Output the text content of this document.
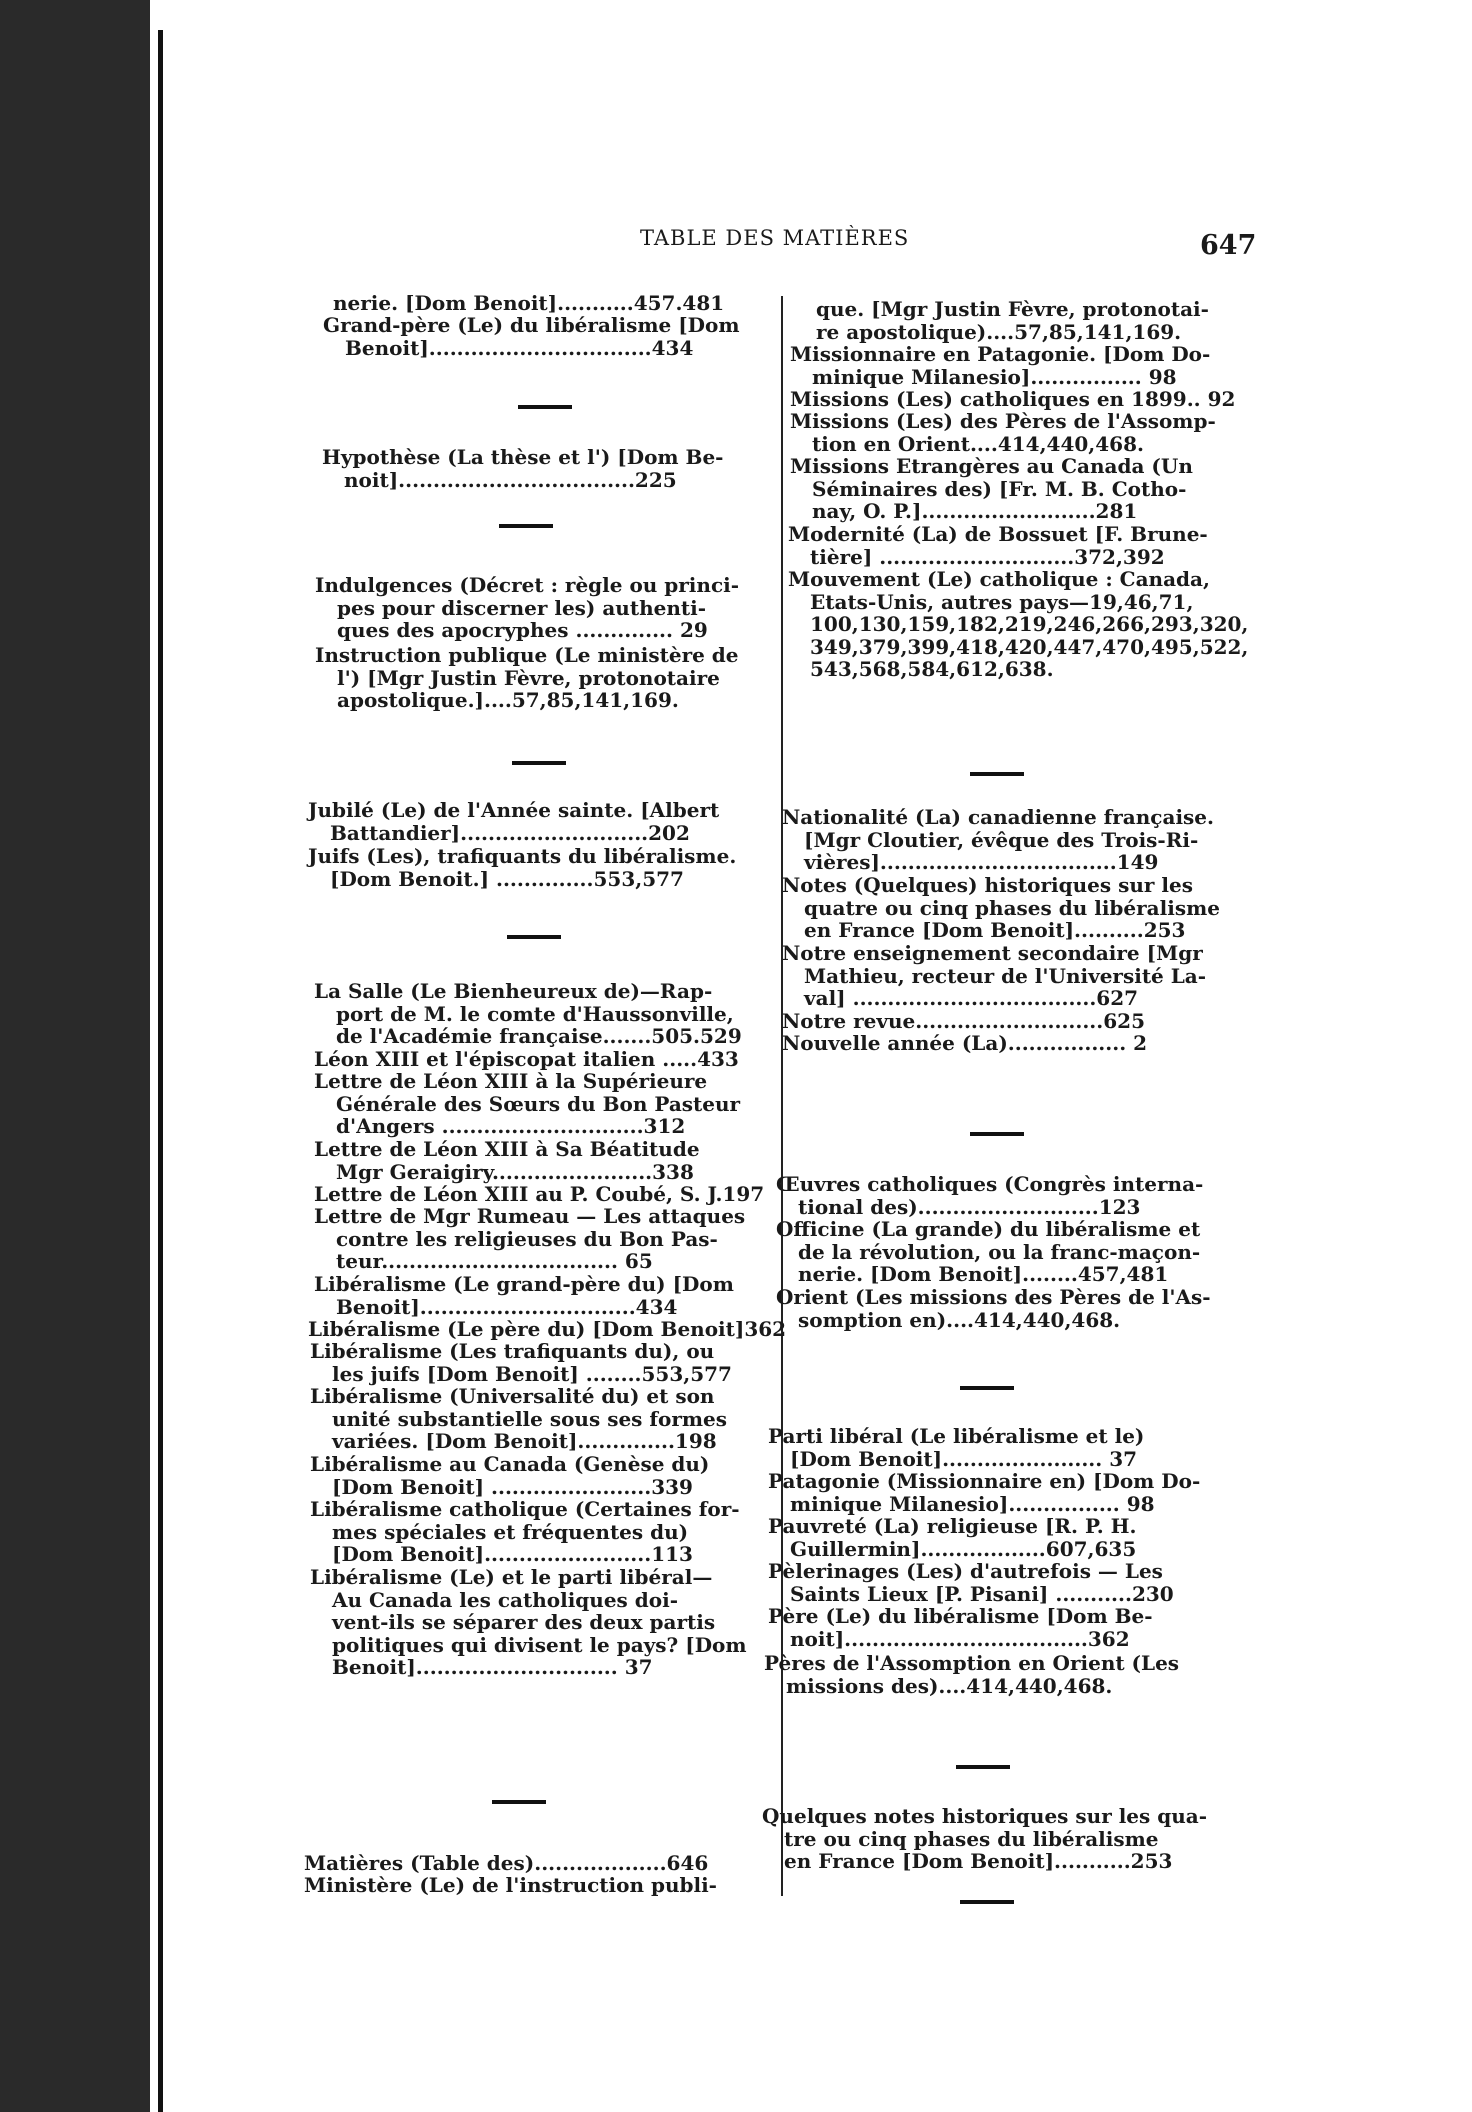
TABLE DES MATIÈRES	647

nerie. [Dom Benoit]...........457.481

Grand-père (Le) du libéralisme [Dom

Benoit]................................434

Hypothèse (La thèse et l') [Dom Be-

noit]..................................225

Indulgences (Décret : règle ou princi-

pes pour discerner les) authenti-

ques des apocryphes .............. 29

Instruction publique (Le ministère de

l') [Mgr Justin Fèvre, protonotaire

apostolique.]....57,85,141,169.

Jubilé (Le) de l'Année sainte. [Albert

Battandier]...........................202

Juifs (Les), trafiquants du libéralisme.

[Dom Benoit.] ..............553,577

La Salle (Le Bienheureux de)—Rap-

port de M. le comte d'Haussonville,

de l'Académie française.......505.529

Léon XIII et l'épiscopat italien .....433

Lettre de Léon XIII à la Supérieure

Générale des Sœurs du Bon Pasteur

d'Angers .............................312

Lettre de Léon XIII à Sa Béatitude

Mgr Geraigiry.......................338

Lettre de Léon XIII au P. Coubé, S. J.197

Lettre de Mgr Rumeau — Les attaques

contre les religieuses du Bon Pas-

teur.................................. 65

Libéralisme (Le grand-père du) [Dom

Benoit]...............................434

Libéralisme (Le père du) [Dom Benoit]362

Libéralisme (Les trafiquants du), ou

les juifs [Dom Benoit] ........553,577

Libéralisme (Universalité du) et son

unité substantielle sous ses formes

variées. [Dom Benoit]..............198

Libéralisme au Canada (Genèse du)

[Dom Benoit] .......................339

Libéralisme catholique (Certaines for-

mes spéciales et fréquentes du)

[Dom Benoit]........................113

Libéralisme (Le) et le parti libéral—

Au Canada les catholiques doi-

vent-ils se séparer des deux partis

politiques qui divisent le pays? [Dom

Benoit]............................. 37

Matières (Table des)...................646

Ministère (Le) de l'instruction publi-

que. [Mgr Justin Fèvre, protonotai-

re apostolique)....57,85,141,169.

Missionnaire en Patagonie. [Dom Do-

minique Milanesio]................ 98

Missions (Les) catholiques en 1899.. 92

Missions (Les) des Pères de l'Assomp-

tion en Orient....414,440,468.

Missions Etrangères au Canada (Un

Séminaires des) [Fr. M. B. Cotho-

nay, O. P.].........................281

Modernité (La) de Bossuet [F. Brune-

tière] ............................372,392

Mouvement (Le) catholique : Canada,

Etats-Unis, autres pays—19,46,71,

100,130,159,182,219,246,266,293,320,

349,379,399,418,420,447,470,495,522,

543,568,584,612,638.

Nationalité (La) canadienne française.

[Mgr Cloutier, évêque des Trois-Ri-

vières]..................................149

Notes (Quelques) historiques sur les

quatre ou cinq phases du libéralisme

en France [Dom Benoit]..........253

Notre enseignement secondaire [Mgr

Mathieu, recteur de l'Université La-

val] ...................................627

Notre revue...........................625

Nouvelle année (La)................. 2

Œuvres catholiques (Congrès interna-

tional des)..........................123

Officine (La grande) du libéralisme et

de la révolution, ou la franc-maçon-

nerie. [Dom Benoit]........457,481

Orient (Les missions des Pères de l'As-

somption en)....414,440,468.

Parti libéral (Le libéralisme et le)

[Dom Benoit]....................... 37

Patagonie (Missionnaire en) [Dom Do-

minique Milanesio]................ 98

Pauvreté (La) religieuse [R. P. H.

Guillermin]..................607,635

Pèlerinages (Les) d'autrefois — Les

Saints Lieux [P. Pisani] ...........230

Père (Le) du libéralisme [Dom Be-

noit]...................................362

Pères de l'Assomption en Orient (Les

missions des)....414,440,468.

Quelques notes historiques sur les qua-

tre ou cinq phases du libéralisme

en France [Dom Benoit]...........253
